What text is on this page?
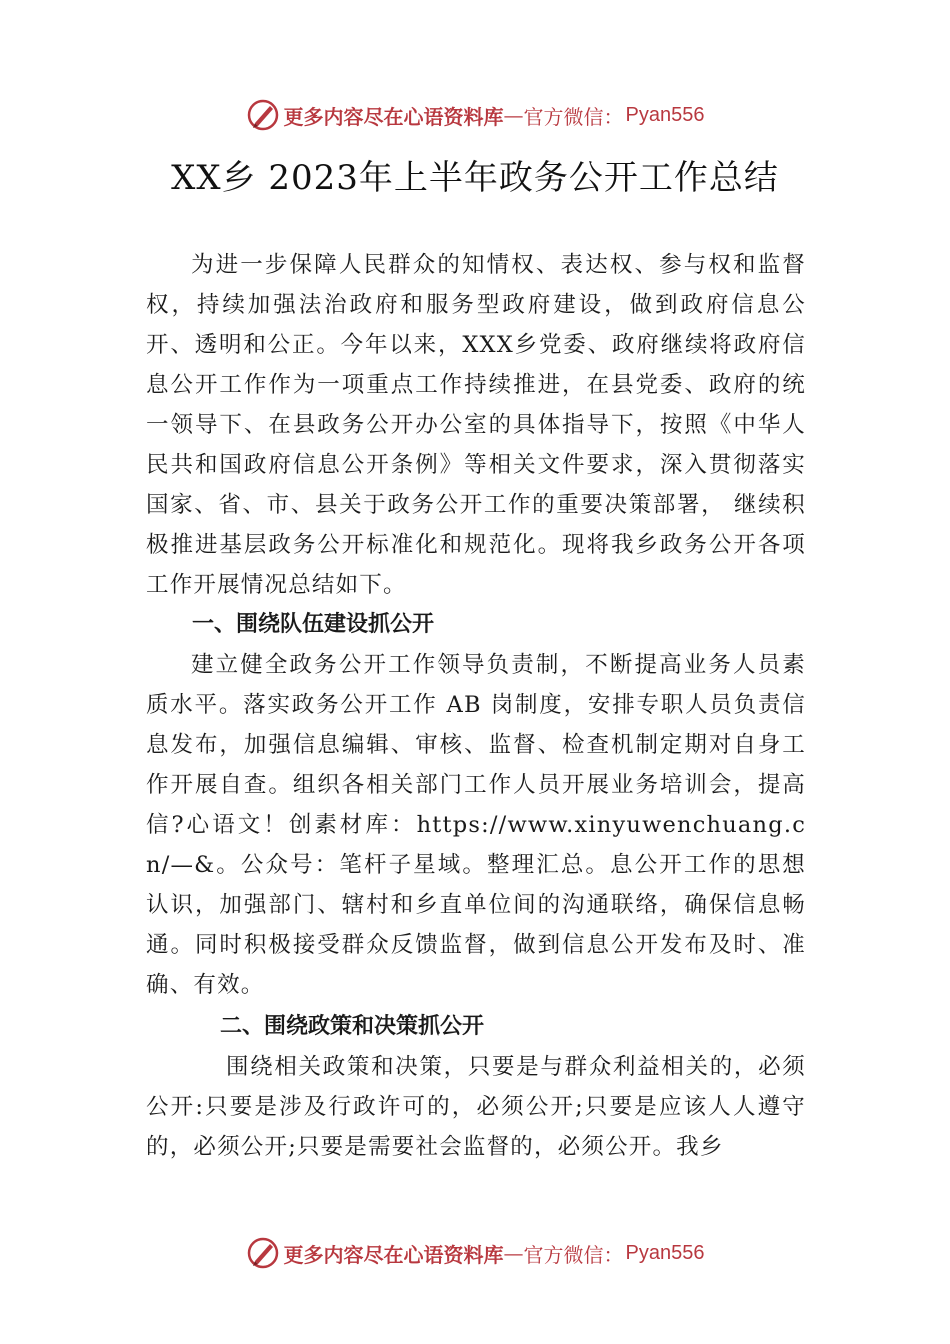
更多内容尽在心语资料库 — 官方微信： Pyan556
XX乡 2023年上半年政务公开工作总结

为进一步保障人民群众的知情权、表达权、参与权和监督权，持续加强法治政府和服务型政府建设，做到政府信息公开、透明和公正。今年以来，XXX乡党委、政府继续将政府信息公开工作作为一项重点工作持续推进，在县党委、政府的统一领导下、在县政务公开办公室的具体指导下，按照《中华人民共和国政府信息公开条例》等相关文件要求，深入贯彻落实国家、省、市、县关于政务公开工作的重要决策部署， 继续积极推进基层政务公开标准化和规范化。现将我乡政务公开各项工作开展情况总结如下。

一、围绕队伍建设抓公开

建立健全政务公开工作领导负责制，不断提高业务人员素质水平。落实政务公开工作 AB 岗制度，安排专职人员负责信息发布，加强信息编辑、审核、监督、检查机制定期对自身工作开展自查。组织各相关部门工作人员开展业务培训会，提高信?心语文！创素材库：https://www.xinyuwenchuang.cn/—&。公众号：笔杆子星域。整理汇总。息公开工作的思想认识，加强部门、辖村和乡直单位间的沟通联络，确保信息畅通。同时积极接受群众反馈监督，做到信息公开发布及时、准确、有效。

二、围绕政策和决策抓公开

围绕相关政策和决策，只要是与群众利益相关的，必须公开:只要是涉及行政许可的，必须公开;只要是应该人人遵守的，必须公开;只要是需要社会监督的，必须公开。我乡

更多内容尽在心语资料库 — 官方微信： Pyan556
